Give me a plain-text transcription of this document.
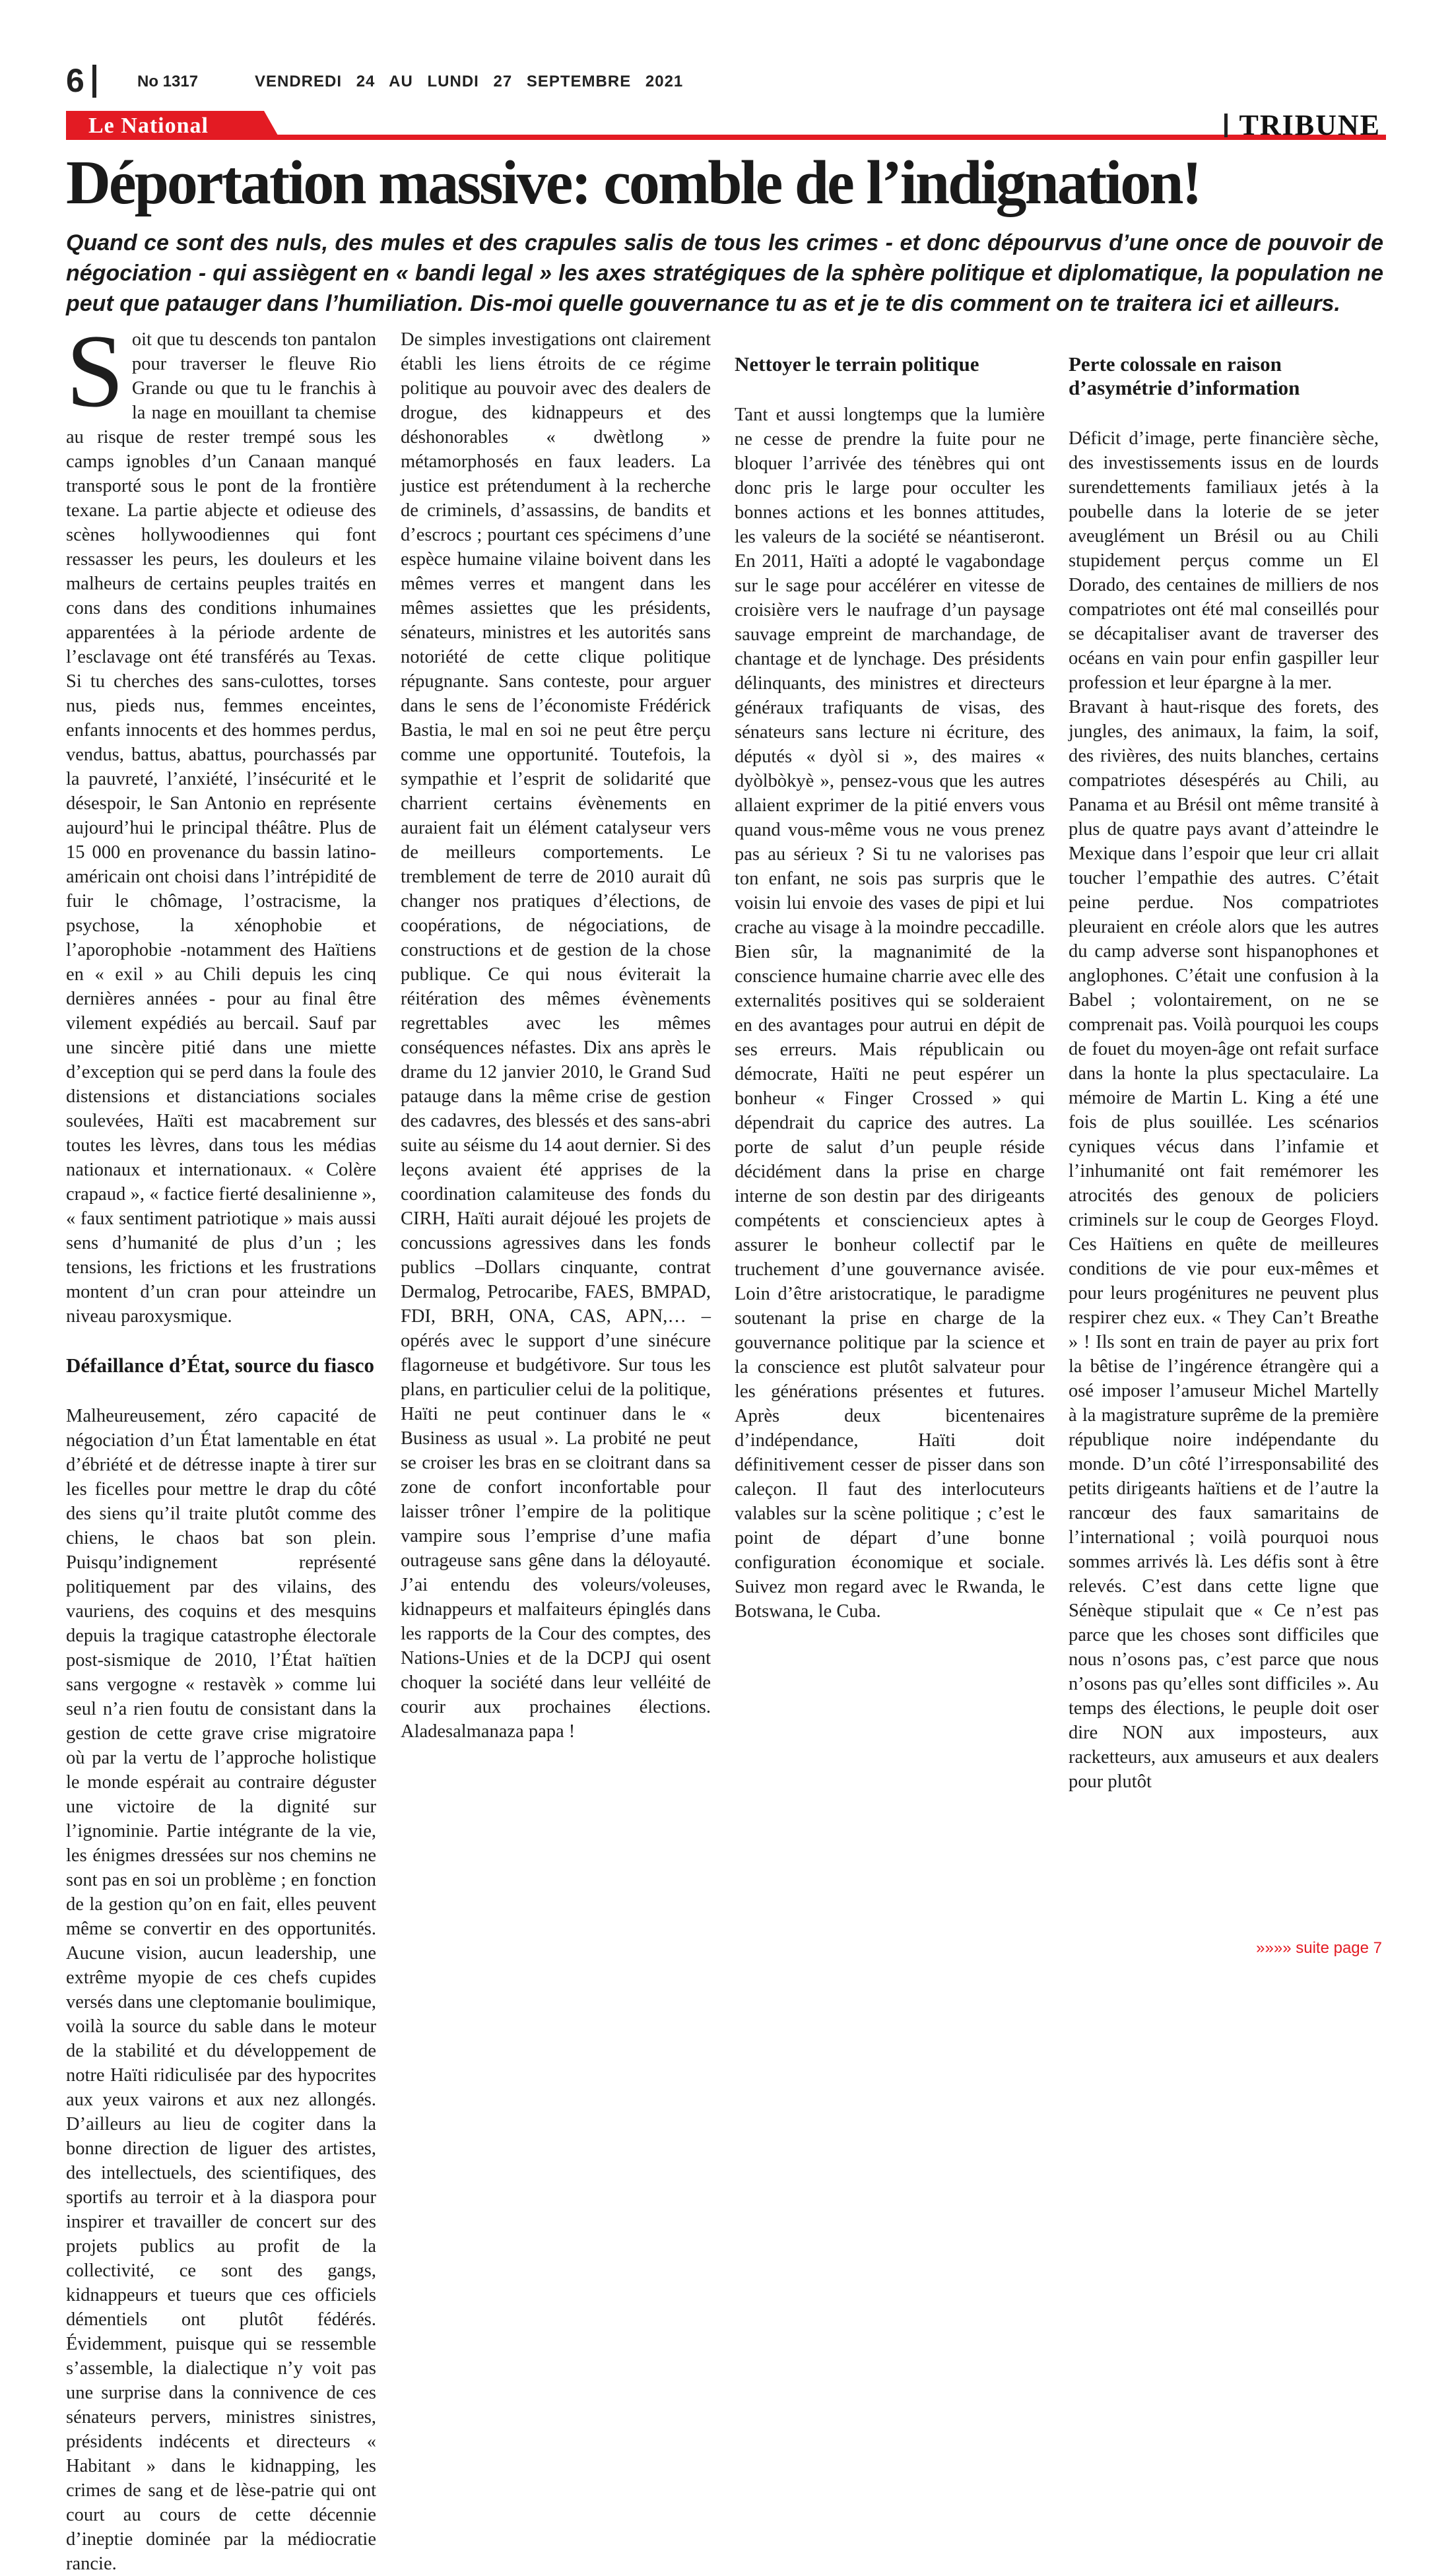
6	No 1317	VENDREDI 24 AU LUNDI 27 SEPTEMBRE 2021
Le National	TRIBUNE
Déportation massive: comble de l’indignation!

Quand ce sont des nuls, des mules et des crapules salis de tous les crimes - et donc dépourvus d’une once de pouvoir de négociation - qui assiègent en « bandi legal » les axes stratégiques de la sphère politique et diplomatique, la population ne peut que patauger dans l’humiliation. Dis-moi quelle gouvernance tu as et je te dis comment on te traitera ici et ailleurs.

Soit que tu descends ton pantalon pour traverser le fleuve Rio Grande ou que tu le franchis à la nage en mouillant ta chemise au risque de rester trempé sous les camps ignobles d’un Canaan manqué transporté sous le pont de la frontière texane. La partie abjecte et odieuse des scènes hollywoodiennes qui font ressasser les peurs, les douleurs et les malheurs de certains peuples traités en cons dans des conditions inhumaines apparentées à la période ardente de l’esclavage ont été transférés au Texas. Si tu cherches des sans-culottes, torses nus, pieds nus, femmes enceintes, enfants innocents et des hommes perdus, vendus, battus, abattus, pourchassés par la pauvreté, l’anxiété, l’insécurité et le désespoir, le San Antonio en représente aujourd’hui le principal théâtre. Plus de 15 000 en provenance du bassin latino-américain ont choisi dans l’intrépidité de fuir le chômage, l’ostracisme, la psychose, la xénophobie et l’aporophobie -notamment des Haïtiens en « exil » au Chili depuis les cinq dernières années - pour au final être vilement expédiés au bercail. Sauf par une sincère pitié dans une miette d’exception qui se perd dans la foule des distensions et distanciations sociales soulevées, Haïti est macabrement sur toutes les lèvres, dans tous les médias nationaux et internationaux. « Colère crapaud », « factice fierté desalinienne », « faux sentiment patriotique » mais aussi sens d’humanité de plus d’un ; les tensions, les frictions et les frustrations montent d’un cran pour atteindre un niveau paroxysmique.

Défaillance d’État, source du fiasco

Malheureusement, zéro capacité de négociation d’un État lamentable en état d’ébriété et de détresse inapte à tirer sur les ficelles pour mettre le drap du côté des siens qu’il traite plutôt comme des chiens, le chaos bat son plein. Puisqu’indignement représenté politiquement par des vilains, des vauriens, des coquins et des mesquins depuis la tragique catastrophe électorale post-sismique de 2010, l’État haïtien sans vergogne « restavèk » comme lui seul n’a rien foutu de consistant dans la gestion de cette grave crise migratoire où par la vertu de l’approche holistique le monde espérait au contraire déguster une victoire de la dignité sur l’ignominie. Partie intégrante de la vie, les énigmes dressées sur nos chemins ne sont pas en soi un problème ; en fonction de la gestion qu’on en fait, elles peuvent même se convertir en des opportunités. Aucune vision, aucun leadership, une extrême myopie de ces chefs cupides versés dans une cleptomanie boulimique, voilà la source du sable dans le moteur de la stabilité et du développement de notre Haïti ridiculisée par des hypocrites aux yeux vairons et aux nez allongés. D’ailleurs au lieu de cogiter dans la bonne direction de liguer des artistes, des intellectuels, des scientifiques, des sportifs au terroir et à la diaspora pour inspirer et travailler de concert sur des projets publics au profit de la collectivité, ce sont des gangs, kidnappeurs et tueurs que ces officiels démentiels ont plutôt fédérés. Évidemment, puisque qui se ressemble s’assemble, la dialectique n’y voit pas une surprise dans la connivence de ces sénateurs pervers, ministres sinistres, présidents indécents et directeurs « Habitant » dans le kidnapping, les crimes de sang et de lèse-patrie qui ont court au cours de cette décennie d’ineptie dominée par la médiocratie rancie.

De simples investigations ont clairement établi les liens étroits de ce régime politique au pouvoir avec des dealers de drogue, des kidnappeurs et des déshonorables « dwètlong » métamorphosés en faux leaders. La justice est prétendument à la recherche de criminels, d’assassins, de bandits et d’escrocs ; pourtant ces spécimens d’une espèce humaine vilaine boivent dans les mêmes verres et mangent dans les mêmes assiettes que les présidents, sénateurs, ministres et les autorités sans notoriété de cette clique politique répugnante. Sans conteste, pour arguer dans le sens de l’économiste Frédérick Bastia, le mal en soi ne peut être perçu comme une opportunité. Toutefois, la sympathie et l’esprit de solidarité que charrient certains évènements en auraient fait un élément catalyseur vers de meilleurs comportements. Le tremblement de terre de 2010 aurait dû changer nos pratiques d’élections, de coopérations, de négociations, de constructions et de gestion de la chose publique. Ce qui nous éviterait la réitération des mêmes évènements regrettables avec les mêmes conséquences néfastes. Dix ans après le drame du 12 janvier 2010, le Grand Sud patauge dans la même crise de gestion des cadavres, des blessés et des sans-abri suite au séisme du 14 aout dernier. Si des leçons avaient été apprises de la coordination calamiteuse des fonds du CIRH, Haïti aurait déjoué les projets de concussions agressives dans les fonds publics –Dollars cinquante, contrat Dermalog, Petrocaribe, FAES, BMPAD, FDI, BRH, ONA, CAS, APN,… – opérés avec le support d’une sinécure flagorneuse et budgétivore. Sur tous les plans, en particulier celui de la politique, Haïti ne peut continuer dans le « Business as usual ». La probité ne peut se croiser les bras en se cloitrant dans sa zone de confort inconfortable pour laisser trôner l’empire de la politique vampire sous l’emprise d’une mafia outrageuse sans gêne dans la déloyauté. J’ai entendu des voleurs/voleuses, kidnappeurs et malfaiteurs épinglés dans les rapports de la Cour des comptes, des Nations-Unies et de la DCPJ qui osent choquer la société dans leur velléité de courir aux prochaines élections. Aladesalmanaza papa !

Nettoyer le terrain politique

Tant et aussi longtemps que la lumière ne cesse de prendre la fuite pour ne bloquer l’arrivée des ténèbres qui ont donc pris le large pour occulter les bonnes actions et les bonnes attitudes, les valeurs de la société se néantiseront. En 2011, Haïti a adopté le vagabondage sur le sage pour accélérer en vitesse de croisière vers le naufrage d’un paysage sauvage empreint de marchandage, de chantage et de lynchage. Des présidents délinquants, des ministres et directeurs généraux trafiquants de visas, des sénateurs sans lecture ni écriture, des députés « dyòl si », des maires « dyòlbòkyè », pensez-vous que les autres allaient exprimer de la pitié envers vous quand vous-même vous ne vous prenez pas au sérieux ? Si tu ne valorises pas ton enfant, ne sois pas surpris que le voisin lui envoie des vases de pipi et lui crache au visage à la moindre peccadille. Bien sûr, la magnanimité de la conscience humaine charrie avec elle des externalités positives qui se solderaient en des avantages pour autrui en dépit de ses erreurs. Mais républicain ou démocrate, Haïti ne peut espérer un bonheur « Finger Crossed » qui dépendrait du caprice des autres. La porte de salut d’un peuple réside décidément dans la prise en charge interne de son destin par des dirigeants compétents et consciencieux aptes à assurer le bonheur collectif par le truchement d’une gouvernance avisée. Loin d’être aristocratique, le paradigme soutenant la prise en charge de la gouvernance politique par la science et la conscience est plutôt salvateur pour les générations présentes et futures. Après deux bicentenaires d’indépendance, Haïti doit définitivement cesser de pisser dans son caleçon. Il faut des interlocuteurs valables sur la scène politique ; c’est le point de départ d’une bonne configuration économique et sociale. Suivez mon regard avec le Rwanda, le Botswana, le Cuba.

Perte colossale en raison d’asymétrie d’information

Déficit d’image, perte financière sèche, des investissements issus en de lourds surendettements familiaux jetés à la poubelle dans la loterie de se jeter aveuglément un Brésil ou au Chili stupidement perçus comme un El Dorado, des centaines de milliers de nos compatriotes ont été mal conseillés pour se décapitaliser avant de traverser des océans en vain pour enfin gaspiller leur profession et leur épargne à la mer.

Bravant à haut-risque des forets, des jungles, des animaux, la faim, la soif, des rivières, des nuits blanches, certains compatriotes désespérés au Chili, au Panama et au Brésil ont même transité à plus de quatre pays avant d’atteindre le Mexique dans l’espoir que leur cri allait toucher l’empathie des autres. C’était peine perdue. Nos compatriotes pleuraient en créole alors que les autres du camp adverse sont hispanophones et anglophones. C’était une confusion à la Babel ; volontairement, on ne se comprenait pas. Voilà pourquoi les coups de fouet du moyen-âge ont refait surface dans la honte la plus spectaculaire. La mémoire de Martin L. King a été une fois de plus souillée. Les scénarios cyniques vécus dans l’infamie et l’inhumanité ont fait remémorer les atrocités des genoux de policiers criminels sur le coup de Georges Floyd. Ces Haïtiens en quête de meilleures conditions de vie pour eux-mêmes et pour leurs progénitures ne peuvent plus respirer chez eux. « They Can’t Breathe » ! Ils sont en train de payer au prix fort la bêtise de l’ingérence étrangère qui a osé imposer l’amuseur Michel Martelly à la magistrature suprême de la première république noire indépendante du monde. D’un côté l’irresponsabilité des petits dirigeants haïtiens et de l’autre la rancœur des faux samaritains de l’international ; voilà pourquoi nous sommes arrivés là. Les défis sont à être relevés. C’est dans cette ligne que Sénèque stipulait que « Ce n’est pas parce que les choses sont difficiles que nous n’osons pas, c’est parce que nous n’osons pas qu’elles sont difficiles ». Au temps des élections, le peuple doit oser dire NON aux imposteurs, aux racketteurs, aux amuseurs et aux dealers pour plutôt

»»»» suite page 7
